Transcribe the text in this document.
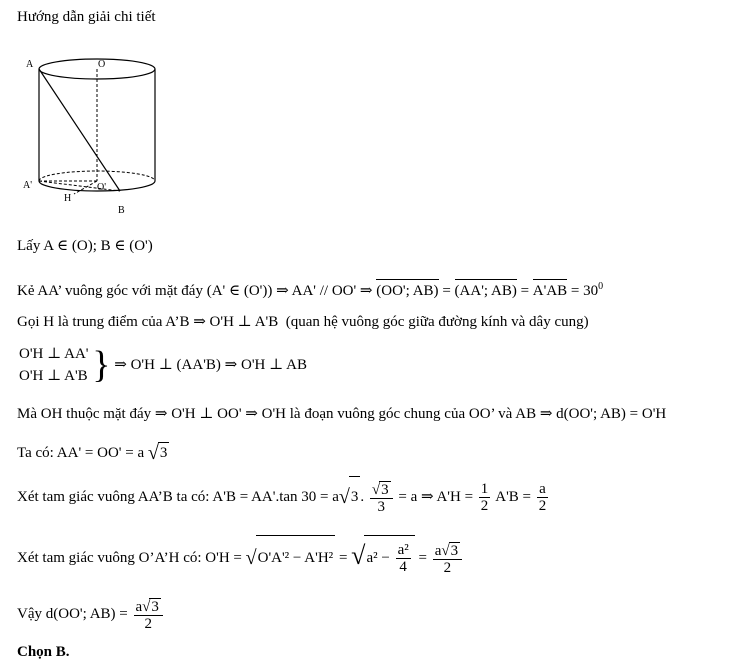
Hướng dẫn giải chi tiết
A	O
A'	O'
H
B
Lấy A ∈ (O); B ∈ (O')
Kẻ AA’ vuông góc với mặt đáy (A' ∈ (O')) ⇒ AA' // OO' ⇒ (OO'; AB) = (AA'; $AB) = A'AB = 30^0$
Gọi H là trung điểm của A’B ⇒ O'H ⊥ A'B (quan hệ vuông góc giữa đường kính và dây cung)
O'H ⊥ AA'
O'H ⊥ A'B } ⇒ O'H ⊥ (AA'B) ⇒ O'H ⊥ AB
Mà OH thuộc mặt đáy ⇒ O'H ⊥ OO' ⇒ O'H là đoạn vuông góc chung của OO’ và AB ⇒ d(OO'; AB) = O'H
Ta có: AA' = OO' = a √3
Xét tam giác vuông AA’B ta có: A'B = AA'.tan 30 = a√3 . $\frac{√3}{3} = a$ ⇒ $A'H = \frac{1}{2} A'B = \frac{a}{2}$
Xét tam giác vuông O’A’H có: $O'H = √O'A'^2 - A'H^2 = √a^2 - \frac{\text{a²}}{4} = \frac{a√3}{2}$
Vậy d(OO'; $AB) = \frac{a√3}{2}$
Chọn B.
